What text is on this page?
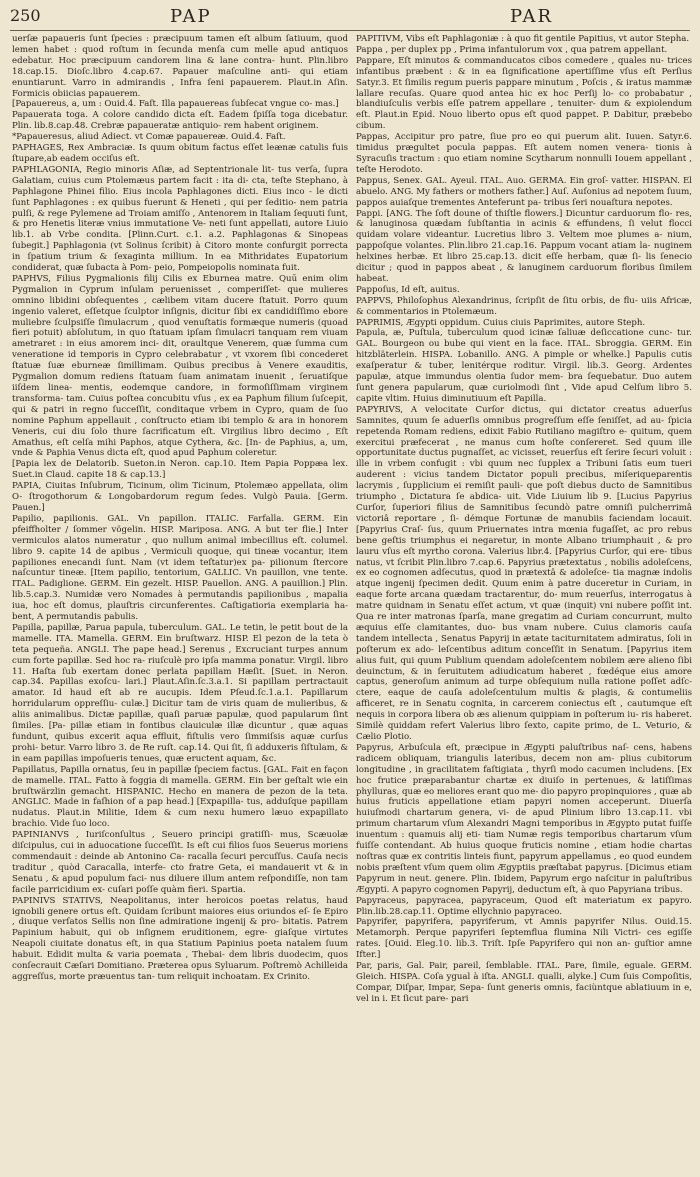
250	PAP	PAR

uerſæ papaueris ſunt ſpecies : præcipuum tamen eſt album ſatiuum, quod lemen habet : quod roſtum in ſecunda menſa cum melle apud antiquos edebatur. Hoc præcipuum candorem lina & lane contra- hunt. Plin.libro 18.cap.15. Dioſc.libro 4.cap.67. Papauer maſculine anti- qui etiam enuntiarunt. Varro in admirandis , Infra ſeni papauerem. Plaut.in Aſin. Formicis obiicias papauerem.

[Papauereus, a, um : Ouid.4. Faſt. Illa papauereas ſubſecat vngue co- mas.]

Papauerata toga. A colore candido dicta eſt. Eadem ſpiſſa toga dicebatur. Plin. lib.8.cap.48. Crebræ papaueratæ antiquio- rem habent originem.

*Papaueresus, aliud Adiect. vt Comæ papauereæ. Ouid.4. Faſt.

PAPHAGES, Rex Ambraciæ. Is quum obitum factus eſſet leænæ catulis fuis ſtupare,ab eadem occiſus eſt.

PAPHLAGONIA, Regio minoris Aſiæ, ad Septentrionale lit- tus verſa, ſupra Galatiam, cuius cum Ptolemæus partem facit : ita di- cta, teſte Stephano, à Paphlagone Phinei filio. Eius incola Paphlagones dicti. Eius inco - le dicti ſunt Paphlagones : ex quibus fuerunt & Heneti , qui per ſeditio- nem patria pulſi, & rege Pylemene ad Troiam amiſſo , Antenorem in Italiam ſequuti ſunt, & pro Henetis literæ vnius immutatione Ve- neti ſunt appellati, autore Liuio lib.1. ab Vrbe condita. [Plinn.Curt. c.1. a.2. Paphlagonas & Sinopeas ſubegit.] Paphlagonia (vt Solinus ſcribit) à Citoro monte confurgit porrecta in ſpatium trium & ſexaginta millium. In ea Mithridates Eupatorium condiderat, quæ ſubacta à Pom- peio, Pompeiopolis nominata fuit.

PAPHVS, Filius Pygmalionis filij Cilis ex Eburnea matre. Quū enim olim Pygmalion in Cyprum inſulam peruenisset , comperiſſet- que mulieres omnino libidini obſequentes , cælibem vitam ducere ſtatuit. Porro quum ingenio valeret, eſſetque ſculptor inſignis, dicitur ſibi ex candidiſſimo ebore muliebre ſculpsiſſe ſimulacrum , quod venuſtatis formæque numeris (quoad fieri potuit) abſolutum, in quo ſtatuam ipſam ſimulacri tanquam rem viuam ametraret : in eius amorem inci- dit, oraultque Venerem, quæ ſumma cum veneratione id temporis in Cypro celebrabatur , vt vxorem ſibi concederet ſtatuæ ſuæ eburneæ ſimillimam. Quibus precibus à Venere exauditis, Pygmalion domum rediens ſtatuam ſuam animatam inuenit , ſeruatiſque iiſdem linea- mentis, eodemque candore, in formoſiſſimam virginem transforma- tam. Cuius poſtea concubitu vſus , ex ea Paphum filium ſuſcepit, qui & patri in regno ſucceſſit, conditaque vrbem in Cypro, quam de ſuo nomine Paphum appellauit , conſtructo etiam ibi templo & ara in honorem Veneris, cui diu ſolo thure ſacrificatum eſt. Virgilius libro decimo , Eſt Amathus, eſt celſa mihi Paphos, atque Cythera, &c. [In- de Paphius, a, um, vnde & Paphia Venus dicta eſt, quod apud Paphum coleretur.

[Papia lex de Delatorib. Sueton.in Neron. cap.10. Item Papia Poppæa lex. Suet.in Claud. capite 18 & cap.13.]

PAPIA, Ciuitas Inſubrum, Ticinum, olim Ticinum, Ptolemæo appellata, olim O- ſtrogothorum & Longobardorum regum ſedes. Vulgò Pauia. [Germ. Pauen.]

Papilio, papilionis. GAL. Vn papillon. ITALIC. Farfalla. GERM. Ein pfeiffholter / ſommer vögelin. HISP. Mariposa. ANG. A but ter flie.] Inter vermiculos alatos numeratur , quo nullum animal imbecillius eſt. columel. libro 9. capite 14 de apibus , Vermiculi quoque, qui tineæ vocantur, item papiliones enecandi ſunt. Nam (vt idem teſtatur)ex pa- pilionum ſtercore naſcuntur tineæ. [Item papilio, tentorium, GALLIC. Vn pauillon, vne tente. ITAL. Padiglione. GERM. Ein gezelt. HISP. Pauellon. ANG. A pauillion.] Plin. lib.5.cap.3. Numidæ vero Nomades à permutandis papilionibus , mapalia iua, hoc eſt domus, plauſtris circunferentes. Caſtigatioria exemplaria ha- bent, A permutandis pabulis.

Papilla, papillæ, Parua papula, tuberculum. GAL. Le tetin, le petit bout de la mamelle. ITA. Mamella. GERM. Ein bruſtwarz. HISP. El pezon de la teta ò teta pequeña. ANGLI. The pape head.] Serenus , Excruciant turpes annum cum forte papillæ. Sed hoc ra- riuſculè pro ipſa mamma ponatur. Virgil. libro 11. Haſta ſub exertam donec perlata papillam Hæſit. [Suet. in Neron. cap.34. Papillas exoſcu- lari.] Plaut.Aſin.ſc.3.a.1. Si papillam pertractauit amator. Id haud eſt ab re aucupis. Idem Pſeud.ſc.1.a.1. Papillarum horridularum oppreſſiu- culæ.] Dicitur tam de viris quam de mulieribus, & aliis animalibus. Dictæ papillæ, quaſi paruæ papulæ, quod papularum ſint ſimiles. [Pa- pillæ etiam in fontibus clauiculæ illæ dicuntur , quæ aquas fundunt, quibus excerit aqua effluit, fiſtulis vero ſimmiſsis aquæ curſus prohi- betur. Varro libro 3. de Re ruſt. cap.14. Qui ſit, ſi adduxeris ſiſtulam, & in eam papillas impoſueris tenues, quæ eructent aquam, &c.

Papillatus, Papilla ornatus, ſeu in papillæ ſpeciem factus. [GAL. Fait en façon de mamelle. ITAL. Fatto à foggia di mamella. GERM. Ein ber geſtalt wie ein bruſtwärzlin gemacht. HISPANIC. Hecho en manera de pezon de la teta. ANGLIC. Made in faſhion of a pap head.] [Expapilla- tus, adduſque papillam nudatus. Plaut.in Militie, Idem & cum nexu humero læuo expapillato brachio. Vide ſuo loco.

PAPINIANVS , Iuriſconſultus , Seuero principi gratiſſi- mus, Scæuolæ diſcipulus, cui in aduocatione ſucceſſit. Is eſt cui filios ſuos Seuerus moriens commendauit : deinde ab Antonino Ca- racalla ſecuri percuſſus. Cauſa necis traditur , quòd Caracalla, interfe- cto fratre Geta, ei mandauerit vt & in Senatu , & apud populum faci- nus diluere illum antem reſpondiſſe, non tam facile parricidium ex- cuſari poſſe quàm fieri. Spartia.

PAPINIVS STATIVS, Neapolitanus, inter heroicos poetas relatus, haud ignobili genere ortus eſt. Quidam ſcribunt maiores eius oriundos eſ- ſe Epiro , diuque verſatos Sellis non ſine admiratione ingenij & pro- bitatis. Patrem Papinium habuit, qui ob inſignem eruditionem, egre- giaſque virtutes Neapoli ciuitate donatus eſt, in qua Statium Papinius poeta natalem ſuum habuit. Edidit multa & varia poemata , Thebai- dem libris duodecim, quos conſecrauit Cæſari Domitiano. Præterea opus Syluarum. Poſtremò Achilleida aggreſſus, morte præuentus tan- tum reliquit inchoatam. Ex Crinito.

PAPITIVM, Vibs eſt Paphlagoniæ : à quo fit gentile Papitius, vt autor Stepha.

Pappa , per duplex pp , Prima infantulorum vox , qua patrem appellant.

Pappare, Eſt minutos & commanducatos cibos comedere , quales nu- trices infantibus præbent : & in ea ſignificatione apertiſſime vſus eſt Perſius Satyr.3. Et ſimilis regum pueris pappare minutum , Poſcis , & iratus mammæ lallare recuſas. Quare quod antea hic ex hoc Perſij lo- co probabatur , blandiuſculis verbis eſſe patrem appellare , tenuiter- dum & expiolendum eſt. Plaut.in Epid. Nouo liberto opus eſt quod pappet. P. Dabitur, præbebo cibum.

Pappas, Accipitur pro patre, ſiue pro eo qui puerum alit. Iuuen. Satyr.6. timidus prægultet pocula pappas. Eſt autem nomen venera- tionis à Syracuſis tractum : quo etiam nomine Scytharum nonnulli Iouem appellant , teſte Herodoto.

Pappus, Senex. GAL. Ayeul. ITAL. Auo. GERMA. Ein groſ- vatter. HISPAN. El abuelo. ANG. My fathers or mothers father.] Auſ. Auſonius ad nepotem ſuum, pappos auiaſque trementes Anteferunt pa- tribus ſeri nouaſtura nepotes.

Pappi. [ANG. The ſoft doune of thiſtle flowers.] Dicuntur carduorum flo- res, & lanuginosa quædam ſubſtantia in acinis & effundens, ſi velut flocci quidam volare videantur. Lucretius libro 3. Veltem moe plumes a- nium, pappoſque volantes. Plin.libro 21.cap.16. Pappum vocant atiam la- nuginem helxines herbæ. Et libro 25.cap.13. dicit eſſe herbam, quæ ſi- lis ſenecio dicitur ; quod in pappos abeat , & lanuginem carduorum floribus ſimilem habeat.

Pappoſus, Id eſt, auitus.

PAPPVS, Philoſophus Alexandrinus, ſcripſit de ſitu orbis, de flu- uiis Africæ, & commentarios in Ptolemæum.

PAPRIMIS, Ægypti oppidum. Cuius ciuis Paprimites, autore Steph.

Papula, æ, Puſtula, tuberculum quod icinæ ſaliuæ deſiccatione cunc- tur. GAL. Bourgeon ou bube qui vient en la face. ITAL. Sbroggia. GERM. Ein hitzbläterlein. HISPA. Lobanillo. ANG. A pimple or whelke.] Papulis cutis exaſperatur & tuber, lenitérque roditur. Virgil. lib.3. Georg. Ardentes papulæ, atque immundus olentia ſudor mem- bra ſequebatur. Duo autem ſunt genera papularum, quæ curiolmodi ſint , Vide apud Celſum libro 5. capite vltim. Huius diminutiuum eſt Papilla.

PAPYRIVS, A velocitate Curſor dictus, qui dictator creatus aduerſus Samnites, quum ſe aduerſis omnibus progreſſum eſſe ſeniſſet, ad au- ſpicia repetenda Romam rediens, edixit Fabio Rutiliano magiſtro e- quitum, quem exercitui præfecerat , ne manus cum hoſte conſereret. Sed quum ille opportunitate ductus pugnaſſet, ac vicisset, reuerſus eſt ſerire ſecuri voluit : ille in vrbem confugit : vbi quum nec ſupplex a Tribuni ſatis eum tueri auderent : vicius tandem Dictator populi precibus, miſeriqueparentis lacrymis , ſupplicium ei remiſit pauli- que poſt diebus ducto de Samnitibus triumpho , Dictatura ſe abdica- uit. Vide Liuium lib 9. [Lucius Papyrius Curſor, ſuperiori filius de Samnitibus ſecundò patre omniſi pulcherrimâ victoriâ reportare , ſi- démque Fortunæ de manubiis faciendam locauit. [Papyrius Craſ- ſus, quum Priuernates intra mœnia fugaſſet, ac pro rebus bene geſtis triumphus ei negaretur, in monte Albano triumphauit , & pro lauru vſus eſt myrtho corona. Valerius libr.4. [Papyrius Curſor, qui ere- tibus natus, vt ſcribit Plin.libro 7.cap.6. Papyrius prætextatus , nobilis adoleſcens, ex eo cognomen adſecutus, quod in prætextâ & adoleſce- tia magnæ indolis atque ingenij ſpecimen dedit. Quum enim à patre duceretur in Curiam, in eaque forte arcana quædam tractarentur, do- mum reuerſus, interrogatus à matre quidnam in Senatu eſſet actum, vt quæ (inquit) vni nubere poſſit int. Qua re inter matronas ſparſa, mane gregatim ad Curiam concurrunt, multo æquius eſſe clamitantes, duo- bus vnam nubere. Cuius clamoris cauſa tandem intellecta , Senatus Papyrij in ætate taciturnitatem admiratus, ſoli in poſterum ex ado- leſcentibus aditum conceſſit in Senatum. [Papyrius item alius fuit, qui quum Publium quendam adoleſcentem nobilem ære alieno ſibi deuinctum, & in ſeruitutem adiudicatum haberet , fœdéque eius amore captus, generoſum animum ad turpe obſequium nulla ratione poſſet adſc- ctere, eaque de cauſa adoleſcentulum multis & plagis, & contumeliis afficeret, re in Senatu cognita, in carcerem coniectus eſt , cautumque eſt nequis in corpora libera ob æs alienum quippiam in poſterum iu- ris haberet. Similè quiddam refert Valerius libro ſexto, capite primo, de L. Veturio, & Cælio Plotio.

Papyrus, Arbuſcula eſt, præcipue in Ægypti paluſtribus naſ- cens, habens radicem obliquam, triangulis lateribus, decem non am- plius cubitorum longitudine , in gracilitatem faſtigiata , thyrſi modo cacumen includens. [Ex hoc frutice præparabantur chartæ ex diuiſo in pertenues, & latiſſimas phylluras, quæ eo meliores erant quo me- dio papyro propinquiores , quæ ab huius fruticis appellatione etiam papyri nomen acceperunt. Diuerſa huiuſmodi chartarum genera, vi- de apud Plinium libro 13.cap.11. vbi primum chartarum vſum Alexandri Magni temporibus in Ægypto putat fuiſſe inuentum : quamuis alij eti- tiam Numæ regis temporibus chartarum vſum fuiſſe contendant. Ab huius quoque fruticis nomine , etiam hodie chartas noſtras quæ ex contritis linteis fiunt, papyrum appellamus , eo quod eundem nobis præſtent vſum quem olim Ægyptiis præſtabat papyrus. [Dicimus etiam Papyrum in neut. genere. Plin. Ibidem, Papyrum ergo naſcitur in paluſtribus Ægypti. A papyro cognomen Papyrij, deductum eſt, à quo Papyriana tribus.

Papyraceus, papyracea, papyraceum, Quod eſt materiatum ex papyro. Plin.lib.28.cap.11. Optime ellychnio papyraceo.

Papyrifer, papyrifera, papyriferum, vt Amnis papyrifer Nilus. Ouid.15. Metamorph. Perque papyriferi ſeptemflua flumina Nili Victri- ces egiſſe rates. [Ouid. Eleg.10. lib.3. Triſt. Ipſe Papyrifero qui non an- guſtior amne Ifter.]

Par, paris, Gal. Pair, pareil, ſemblable. ITAL. Pare, ſimile, eguale. GERM. Gleich. HISPA. Coſa ygual à iſta. ANGLI. qualli, alyke.] Cum ſuis Compoſitis, Compar, Diſpar, Impar, Sepa- ſunt generis omnis, faciùntque ablatiuum in e, vel in i. Et ſicut pare- pari
